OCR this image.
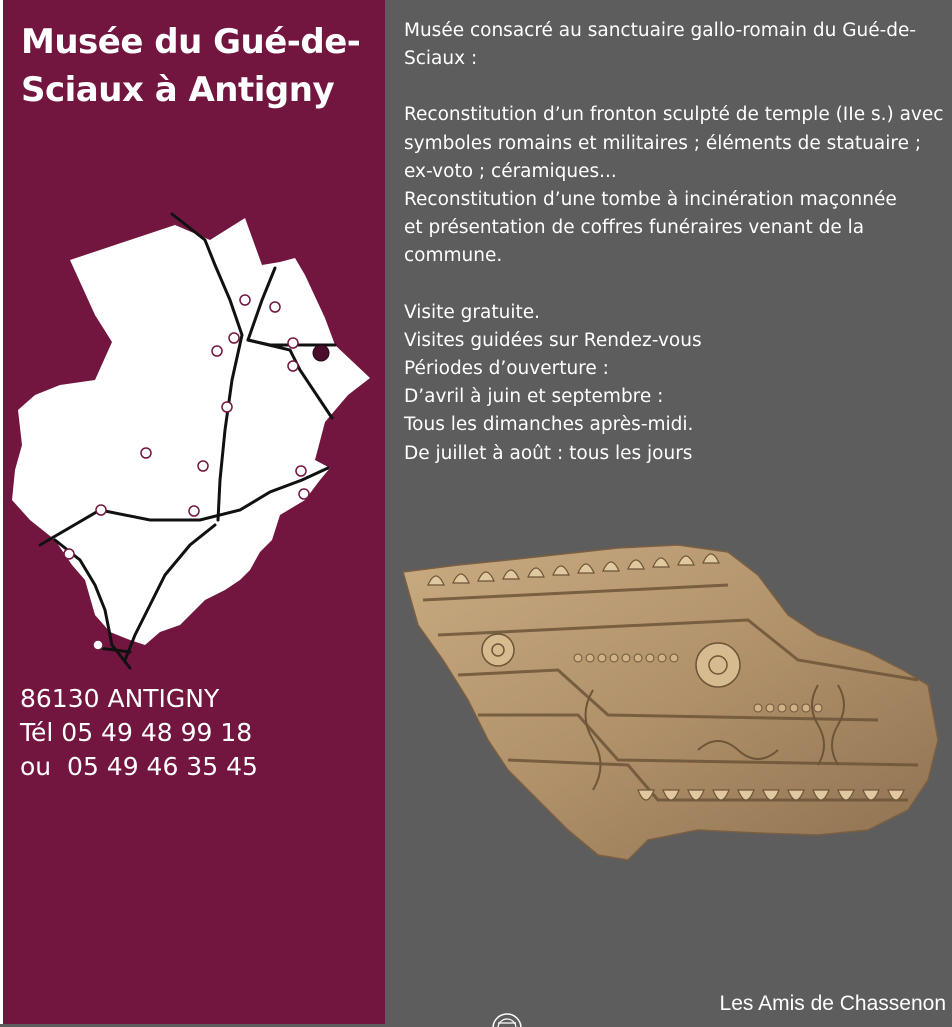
Musée du Gué-de-
Sciaux à Antigny

86130 ANTIGNY
Tél 05 49 48 99 18
ou  05 49 46 35 45

Musée consacré au sanctuaire gallo-romain du Gué-de-

Sciaux :

Reconstitution d’un fronton sculpté de temple (IIe s.) avec

symboles romains et militaires ; éléments de statuaire ;

ex-voto ; céramiques...

Reconstitution d’une tombe à incinération maçonnée

et présentation de coffres funéraires venant de la

commune.

Visite gratuite.

Visites guidées sur Rendez-vous

Périodes d’ouverture :

D’avril à juin et septembre :

Tous les dimanches après-midi.

De juillet à août : tous les jours

Les Amis de Chassenon
